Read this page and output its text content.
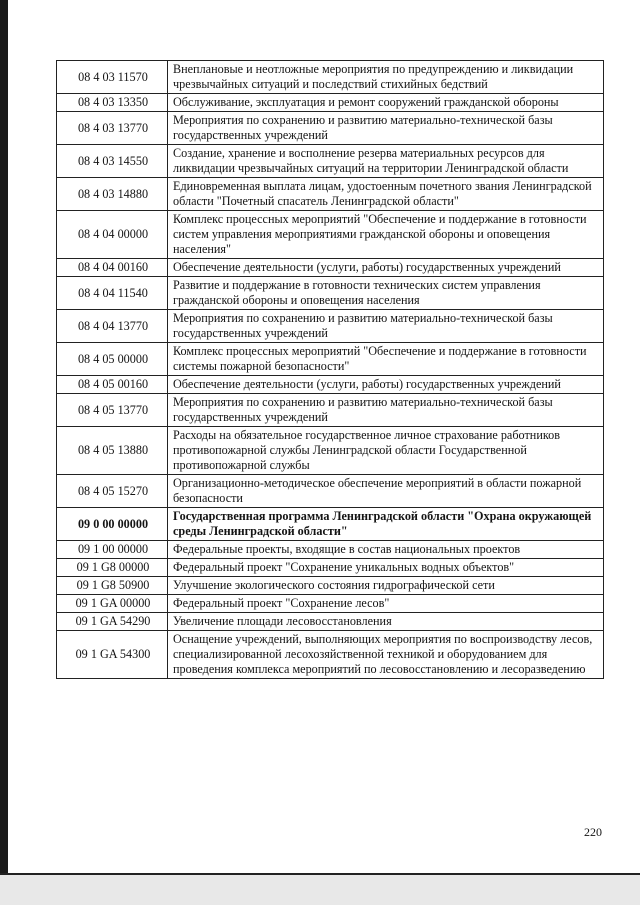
08 4 03 11570	Внеплановые и неотложные мероприятия по предупреждению и ликвидации чрезвычайных ситуаций и последствий стихийных бедствий
08 4 03 13350	Обслуживание, эксплуатация и ремонт сооружений гражданской обороны
08 4 03 13770	Мероприятия по сохранению и развитию материально-технической базы государственных учреждений
08 4 03 14550	Создание, хранение и восполнение резерва материальных ресурсов для ликвидации чрезвычайных ситуаций на территории Ленинградской области
08 4 03 14880	Единовременная выплата лицам, удостоенным почетного звания Ленинградской области "Почетный спасатель Ленинградской области"
08 4 04 00000	Комплекс процессных мероприятий "Обеспечение и поддержание в готовности систем управления мероприятиями гражданской обороны и оповещения населения"
08 4 04 00160	Обеспечение деятельности (услуги, работы) государственных учреждений
08 4 04 11540	Развитие и поддержание в готовности технических систем управления гражданской обороны и оповещения населения
08 4 04 13770	Мероприятия по сохранению и развитию материально-технической базы государственных учреждений
08 4 05 00000	Комплекс процессных мероприятий "Обеспечение и поддержание в готовности системы пожарной безопасности"
08 4 05 00160	Обеспечение деятельности (услуги, работы) государственных учреждений
08 4 05 13770	Мероприятия по сохранению и развитию материально-технической базы государственных учреждений
08 4 05 13880	Расходы на обязательное государственное личное страхование работников противопожарной службы Ленинградской области Государственной противопожарной службы
08 4 05 15270	Организационно-методическое обеспечение мероприятий в области пожарной безопасности
09 0 00 00000	Государственная программа Ленинградской области "Охрана окружающей среды Ленинградской области"
09 1 00 00000	Федеральные проекты, входящие в состав национальных проектов
09 1 G8 00000	Федеральный проект "Сохранение уникальных водных объектов"
09 1 G8 50900	Улучшение экологического состояния гидрографической сети
09 1 GA 00000	Федеральный проект "Сохранение лесов"
09 1 GA 54290	Увеличение площади лесовосстановления
09 1 GA 54300	Оснащение учреждений, выполняющих мероприятия по воспроизводству лесов, специализированной лесохозяйственной техникой и оборудованием для проведения комплекса мероприятий по лесовосстановлению и лесоразведению
220
